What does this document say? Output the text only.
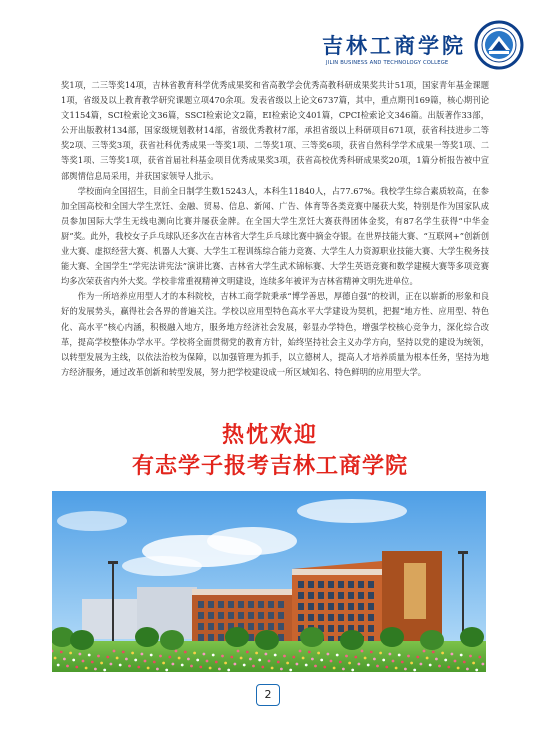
吉林工商学院
JILIN BUSINESS AND TECHNOLOGY COLLEGE

奖1项，二三等奖14项，吉林省教育科学优秀成果奖和省高教学会优秀高教科研成果奖共计51项，国家青年基金课题1项，省级及以上教育教学研究课题立项470余项。发表省级以上论文6737篇，其中，重点期刊169篇，核心期刊论文1154篇，SCI检索论文36篇，SSCI检索论文2篇，EI检索论文401篇，CPCI检索论文346篇。出版著作33部，公开出版教材134部，国家级规划教材14部，省级优秀教材7部，承担省级以上科研项目671项，获省科技进步二等奖2项、三等奖3项，获省社科优秀成果一等奖1项、二等奖1项、三等奖6项，获省自然科学学术成果一等奖1项、二等奖1项、三等奖1项，获省首届社科基金项目优秀成果奖3项，获省高校优秀科研成果奖20项，1篇分析报告被中宣部舆情信息局采用，并获国家领导人批示。

学校面向全国招生，目前全日制学生数15243人，本科生11840人，占77.67%。我校学生综合素质较高，在参加全国高校和全国大学生烹饪、金融、贸易、信息、新闻、广告、体育等各类竞赛中屡获大奖，特别是作为国家队成员参加国际大学生无线电测向比赛并屡获金牌。在全国大学生烹饪大赛获得团体金奖，有87名学生获得“中华金厨”奖。此外，我校女子乒乓球队还多次在吉林省大学生乒乓球比赛中摘金夺银。在世界技能大赛、“互联网+”创新创业大赛、虚拟经营大赛、机器人大赛、大学生工程训练综合能力竞赛、大学生人力资源职业技能大赛、大学生税务技能大赛、全国学生“学宪法讲宪法”演讲比赛、吉林省大学生武术锦标赛、大学生英语竞赛和数学建模大赛等多项竞赛均多次荣获省内外大奖。学校非常重视精神文明建设，连续多年被评为吉林省精神文明先进单位。

作为一所培养应用型人才的本科院校，吉林工商学院秉承“博学善思，厚德自强”的校训，正在以崭新的形象和良好的发展势头，赢得社会各界的普遍关注。学校以应用型特色高水平大学建设为契机，把握“地方性、应用型、特色化、高水平”核心内涵，积极融入地方，服务地方经济社会发展，彰显办学特色，增强学校核心竞争力，深化综合改革，提高学校整体办学水平。学校将全面贯彻党的教育方针，始终坚持社会主义办学方向，坚持以党的建设为统领，以转型发展为主线，以依法治校为保障，以加强管理为抓手，以立德树人，提高人才培养质量为根本任务，坚持为地方经济服务，通过改革创新和转型发展，努力把学校建设成一所区域知名、特色鲜明的应用型大学。

热忱欢迎
有志学子报考吉林工商学院
2
